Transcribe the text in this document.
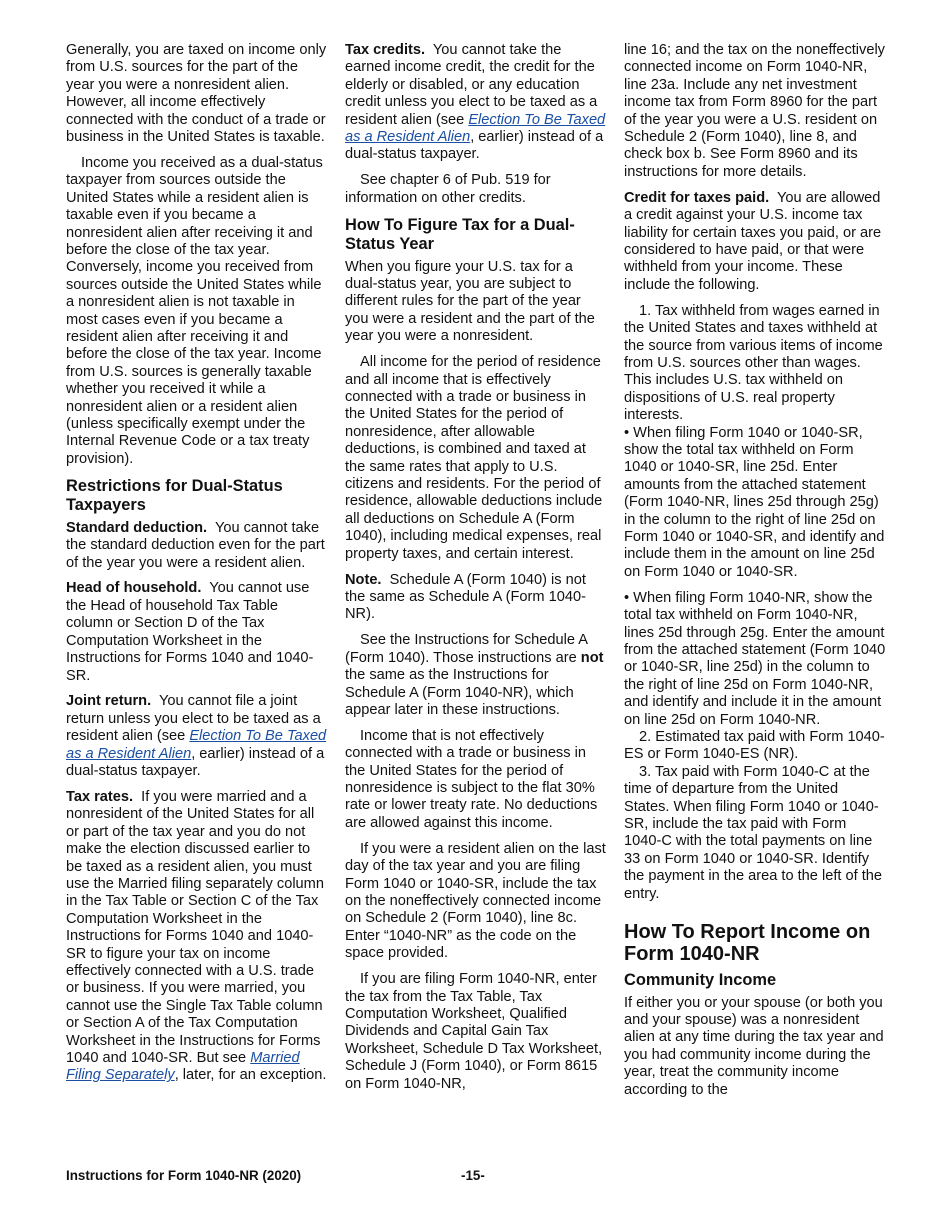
Generally, you are taxed on income only from U.S. sources for the part of the year you were a nonresident alien. However, all income effectively connected with the conduct of a trade or business in the United States is taxable.

Income you received as a dual-status taxpayer from sources outside the United States while a resident alien is taxable even if you became a nonresident alien after receiving it and before the close of the tax year. Conversely, income you received from sources outside the United States while a nonresident alien is not taxable in most cases even if you became a resident alien after receiving it and before the close of the tax year. Income from U.S. sources is generally taxable whether you received it while a nonresident alien or a resident alien (unless specifically exempt under the Internal Revenue Code or a tax treaty provision).

Restrictions for Dual-Status Taxpayers

Standard deduction. You cannot take the standard deduction even for the part of the year you were a resident alien.

Head of household. You cannot use the Head of household Tax Table column or Section D of the Tax Computation Worksheet in the Instructions for Forms 1040 and 1040-SR.

Joint return. You cannot file a joint return unless you elect to be taxed as a resident alien (see Election To Be Taxed as a Resident Alien, earlier) instead of a dual-status taxpayer.

Tax rates. If you were married and a nonresident of the United States for all or part of the tax year and you do not make the election discussed earlier to be taxed as a resident alien, you must use the Married filing separately column in the Tax Table or Section C of the Tax Computation Worksheet in the Instructions for Forms 1040 and 1040-SR to figure your tax on income effectively connected with a U.S. trade or business. If you were married, you cannot use the Single Tax Table column or Section A of the Tax Computation Worksheet in the Instructions for Forms 1040 and 1040-SR. But see Married Filing Separately, later, for an exception.

Tax credits. You cannot take the earned income credit, the credit for the elderly or disabled, or any education credit unless you elect to be taxed as a resident alien (see Election To Be Taxed as a Resident Alien, earlier) instead of a dual-status taxpayer.

See chapter 6 of Pub. 519 for information on other credits.

How To Figure Tax for a Dual-Status Year

When you figure your U.S. tax for a dual-status year, you are subject to different rules for the part of the year you were a resident and the part of the year you were a nonresident.

All income for the period of residence and all income that is effectively connected with a trade or business in the United States for the period of nonresidence, after allowable deductions, is combined and taxed at the same rates that apply to U.S. citizens and residents. For the period of residence, allowable deductions include all deductions on Schedule A (Form 1040), including medical expenses, real property taxes, and certain interest.

Note. Schedule A (Form 1040) is not the same as Schedule A (Form 1040-NR).

See the Instructions for Schedule A (Form 1040). Those instructions are not the same as the Instructions for Schedule A (Form 1040-NR), which appear later in these instructions.

Income that is not effectively connected with a trade or business in the United States for the period of nonresidence is subject to the flat 30% rate or lower treaty rate. No deductions are allowed against this income.

If you were a resident alien on the last day of the tax year and you are filing Form 1040 or 1040-SR, include the tax on the noneffectively connected income on Schedule 2 (Form 1040), line 8c. Enter “1040-NR” as the code on the space provided.

If you are filing Form 1040-NR, enter the tax from the Tax Table, Tax Computation Worksheet, Qualified Dividends and Capital Gain Tax Worksheet, Schedule D Tax Worksheet, Schedule J (Form 1040), or Form 8615 on Form 1040-NR,

line 16; and the tax on the noneffectively connected income on Form 1040-NR, line 23a. Include any net investment income tax from Form 8960 for the part of the year you were a U.S. resident on Schedule 2 (Form 1040), line 8, and check box b. See Form 8960 and its instructions for more details.

Credit for taxes paid. You are allowed a credit against your U.S. income tax liability for certain taxes you paid, or are considered to have paid, or that were withheld from your income. These include the following.

1. Tax withheld from wages earned in the United States and taxes withheld at the source from various items of income from U.S. sources other than wages. This includes U.S. tax withheld on dispositions of U.S. real property interests.

• When filing Form 1040 or 1040-SR, show the total tax withheld on Form 1040 or 1040-SR, line 25d. Enter amounts from the attached statement (Form 1040-NR, lines 25d through 25g) in the column to the right of line 25d on Form 1040 or 1040-SR, and identify and include them in the amount on line 25d on Form 1040 or 1040-SR.
• When filing Form 1040-NR, show the total tax withheld on Form 1040-NR, lines 25d through 25g. Enter the amount from the attached statement (Form 1040 or 1040-SR, line 25d) in the column to the right of line 25d on Form 1040-NR, and identify and include it in the amount on line 25d on Form 1040-NR.

2. Estimated tax paid with Form 1040-ES or Form 1040-ES (NR).

3. Tax paid with Form 1040-C at the time of departure from the United States. When filing Form 1040 or 1040-SR, include the tax paid with Form 1040-C with the total payments on line 33 on Form 1040 or 1040-SR. Identify the payment in the area to the left of the entry.

How To Report Income on Form 1040-NR
Community Income

If either you or your spouse (or both you and your spouse) was a nonresident alien at any time during the tax year and you had community income during the year, treat the community income according to the

Instructions for Form 1040-NR (2020)	-15-
